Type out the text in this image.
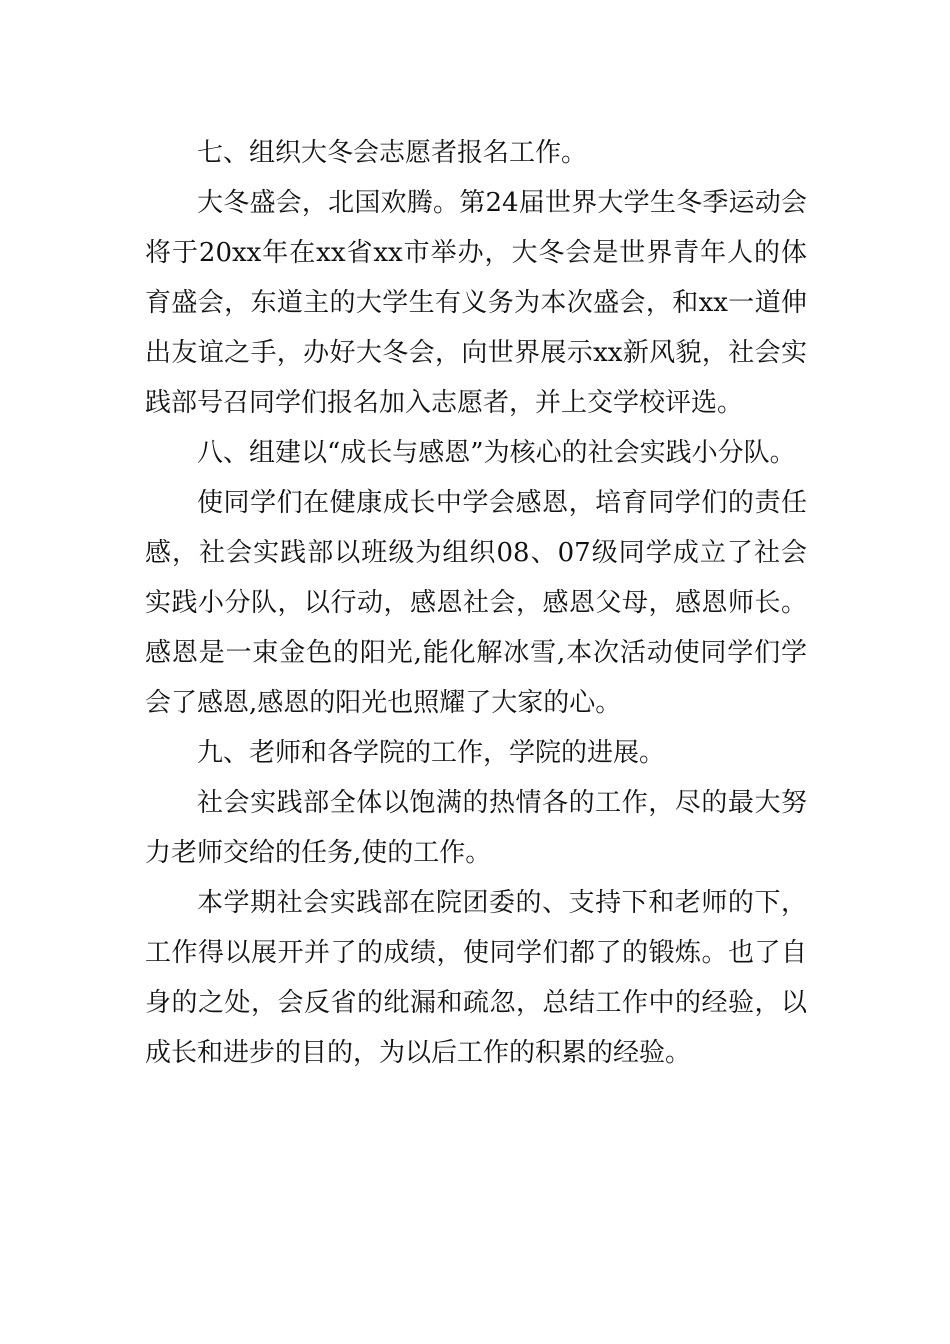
七、组织大冬会志愿者报名工作。

大冬盛会，北国欢腾。第24届世界大学生冬季运动会将于20xx年在xx省xx市举办，大冬会是世界青年人的体育盛会，东道主的大学生有义务为本次盛会，和xx一道伸出友谊之手，办好大冬会，向世界展示xx新风貌，社会实践部号召同学们报名加入志愿者，并上交学校评选。

八、组建以“成长与感恩”为核心的社会实践小分队。

使同学们在健康成长中学会感恩，培育同学们的责任感，社会实践部以班级为组织08、07级同学成立了社会实践小分队，以行动，感恩社会，感恩父母，感恩师长。感恩是一束金色的阳光,能化解冰雪,本次活动使同学们学会了感恩,感恩的阳光也照耀了大家的心。

九、老师和各学院的工作，学院的进展。

社会实践部全体以饱满的热情各的工作，尽的最大努力老师交给的任务,使的工作。

本学期社会实践部在院团委的、支持下和老师的下，工作得以展开并了的成绩，使同学们都了的锻炼。也了自身的之处，会反省的纰漏和疏忽，总结工作中的经验，以成长和进步的目的，为以后工作的积累的经验。
